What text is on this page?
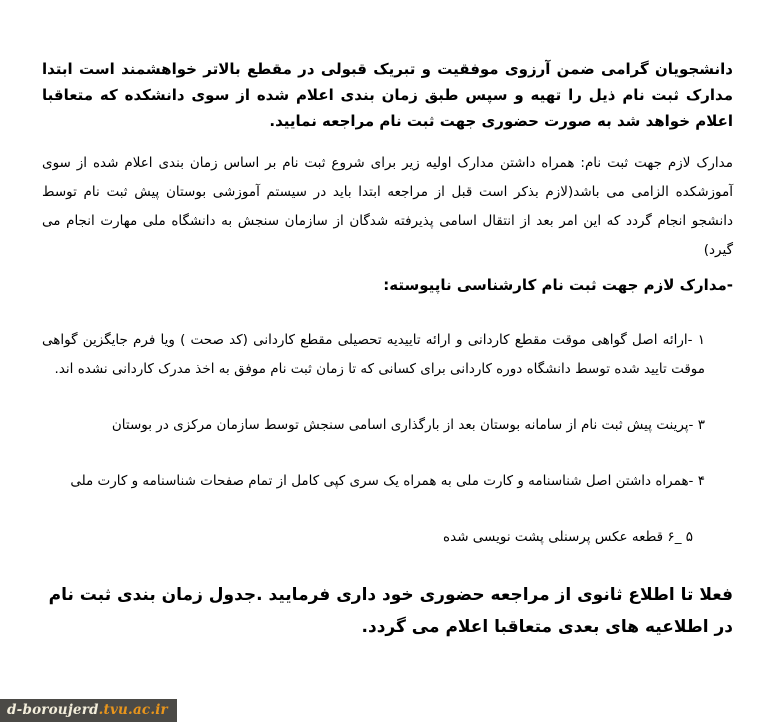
دانشجویان گرامی ضمن آرزوی موفقیت و تبریک قبولی در مقطع بالاتر خواهشمند است ابتدا مدارک ثبت نام ذیل را تهیه و سپس طبق زمان بندی اعلام شده از سوی دانشکده که متعاقبا اعلام خواهد شد به صورت حضوری جهت ثبت نام مراجعه نمایید.

مدارک لازم جهت ثبت نام: همراه داشتن مدارک اولیه زیر برای شروع ثبت نام بر اساس زمان بندی اعلام شده از سوی آموزشکده الزامی می باشد(لازم بذکر است قبل از مراجعه ابتدا باید در سیستم آموزشی بوستان پیش ثبت نام توسط دانشجو انجام گردد که این امر بعد از انتقال اسامی پذیرفته شدگان از سازمان سنجش به دانشگاه ملی مهارت انجام می گیرد)

-مدارک لازم جهت ثبت نام کارشناسی ناپیوسته:

۱ -ارائه اصل گواهی موقت مقطع کاردانی و ارائه تاییدیه تحصیلی مقطع کاردانی (کد صحت ) ویا فرم جایگزین گواهی موقت تایید شده توسط دانشگاه دوره کاردانی برای کسانی که تا زمان ثبت نام موفق به اخذ مدرک کاردانی نشده اند.

۳ -پرینت پیش ثبت نام از سامانه بوستان بعد از بارگذاری اسامی سنجش توسط سازمان مرکزی در بوستان

۴ -همراه داشتن اصل شناسنامه و کارت ملی به همراه یک سری کپی کامل از تمام صفحات شناسنامه و کارت ملی

۵ _۶ قطعه عکس پرسنلی پشت نویسی شده

فعلا تا اطلاع ثانوی از مراجعه حضوری خود داری فرمایید .جدول زمان بندی ثبت نام در اطلاعیه های بعدی متعاقبا اعلام می گردد.

d-boroujerd.tvu.ac.ir
